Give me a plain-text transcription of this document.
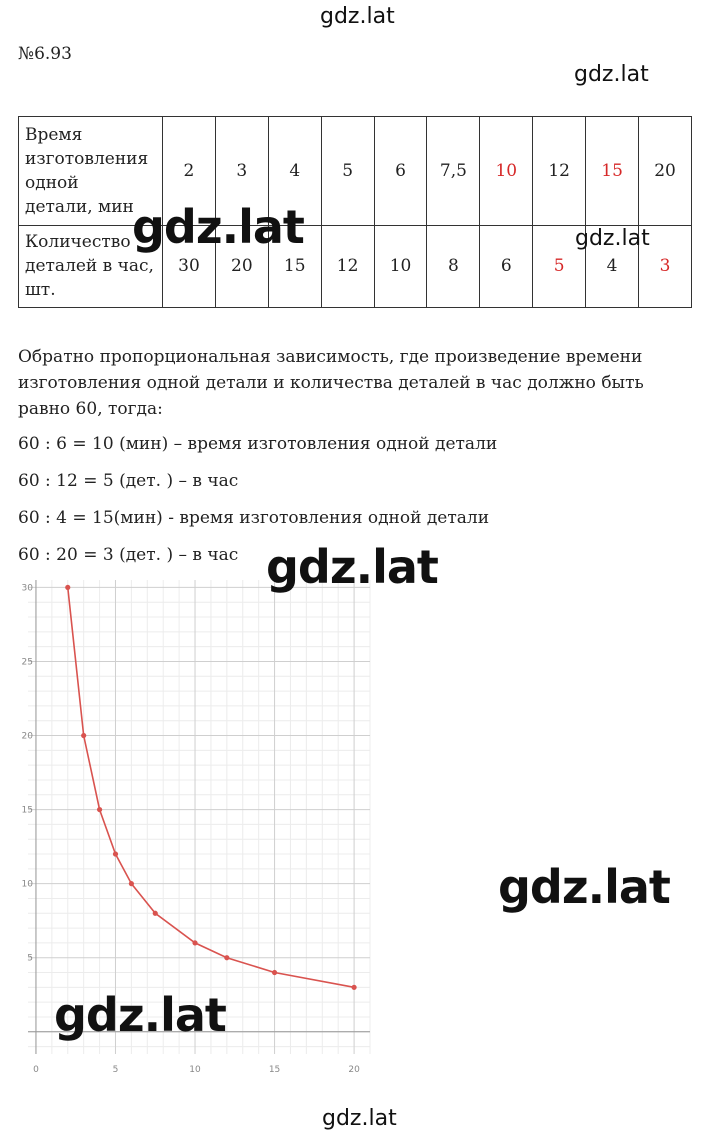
gdz.lat
№6.93
gdz.lat
Время
изготовления
одной
детали, мин	2	3	4	5	6	7,5	10	12	15	20

Количество
деталей в час,
шт.	30	20	15	12	10	8	6	5	4	3
gdz.lat	gdz.lat
Обратно пропорциональная зависимость, где произведение времени
изготовления одной детали и количества деталей в час должно быть
равно 60, тогда:
60 : 6 = 10 (мин) – время изготовления одной детали
60 : 12 = 5 (дет. ) – в час
60 : 4 = 15(мин) - время изготовления одной детали
60 : 20 = 3 (дет. ) – в час
0	5	10	15	20
5
10
15
20
25
30	gdz.lat
gdz.lat
gdz.lat
gdz.lat
